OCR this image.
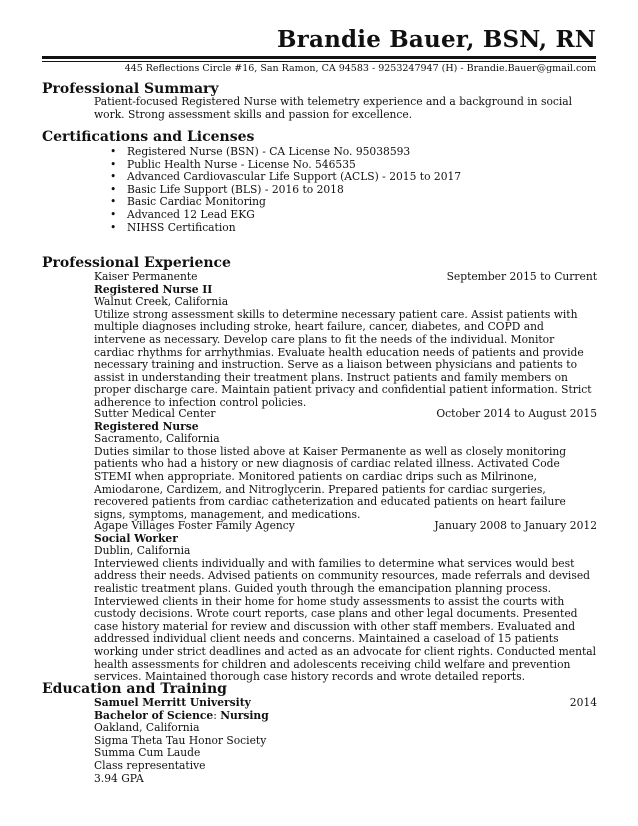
Brandie Bauer, BSN, RN
445 Reflections Circle #16, San Ramon, CA 94583 - 9253247947 (H) - Brandie.Bauer@gmail.com
Professional Summary
Patient-focused Registered Nurse with telemetry experience and a background in social work. Strong assessment skills and passion for excellence.
Certifications and Licenses
• Registered Nurse (BSN) - CA License No. 95038593
• Public Health Nurse - License No. 546535
• Advanced Cardiovascular Life Support (ACLS) - 2015 to 2017
• Basic Life Support (BLS) - 2016 to 2018
• Basic Cardiac Monitoring
• Advanced 12 Lead EKG
• NIHSS Certification
Professional Experience
Kaiser Permanente	September 2015 to Current
Registered Nurse II
Walnut Creek, California

Utilize strong assessment skills to determine necessary patient care. Assist patients with multiple diagnoses including stroke, heart failure, cancer, diabetes, and COPD and intervene as necessary. Develop care plans to fit the needs of the individual. Monitor cardiac rhythms for arrhythmias. Evaluate health education needs of patients and provide necessary training and instruction. Serve as a liaison between physicians and patients to assist in understanding their treatment plans. Instruct patients and family members on proper discharge care. Maintain patient privacy and confidential patient information. Strict adherence to infection control policies.

Sutter Medical Center	October 2014 to August 2015
Registered Nurse
Sacramento, California

Duties similar to those listed above at Kaiser Permanente as well as closely monitoring patients who had a history or new diagnosis of cardiac related illness. Activated Code STEMI when appropriate. Monitored patients on cardiac drips such as Milrinone, Amiodarone, Cardizem, and Nitroglycerin. Prepared patients for cardiac surgeries, recovered patients from cardiac catheterization and educated patients on heart failure signs, symptoms, management, and medications.

Agape Villages Foster Family Agency	January 2008 to January 2012
Social Worker
Dublin, California

Interviewed clients individually and with families to determine what services would best address their needs. Advised patients on community resources, made referrals and devised realistic treatment plans. Guided youth through the emancipation planning process. Interviewed clients in their home for home study assessments to assist the courts with custody decisions. Wrote court reports, case plans and other legal documents. Presented case history material for review and discussion with other staff members. Evaluated and addressed individual client needs and concerns. Maintained a caseload of 15 patients working under strict deadlines and acted as an advocate for client rights. Conducted mental health assessments for children and adolescents receiving child welfare and prevention services. Maintained thorough case history records and wrote detailed reports.

Education and Training
Samuel Merritt University	2014
Bachelor of Science: Nursing
Oakland, California
Sigma Theta Tau Honor Society
Summa Cum Laude
Class representative
3.94 GPA
